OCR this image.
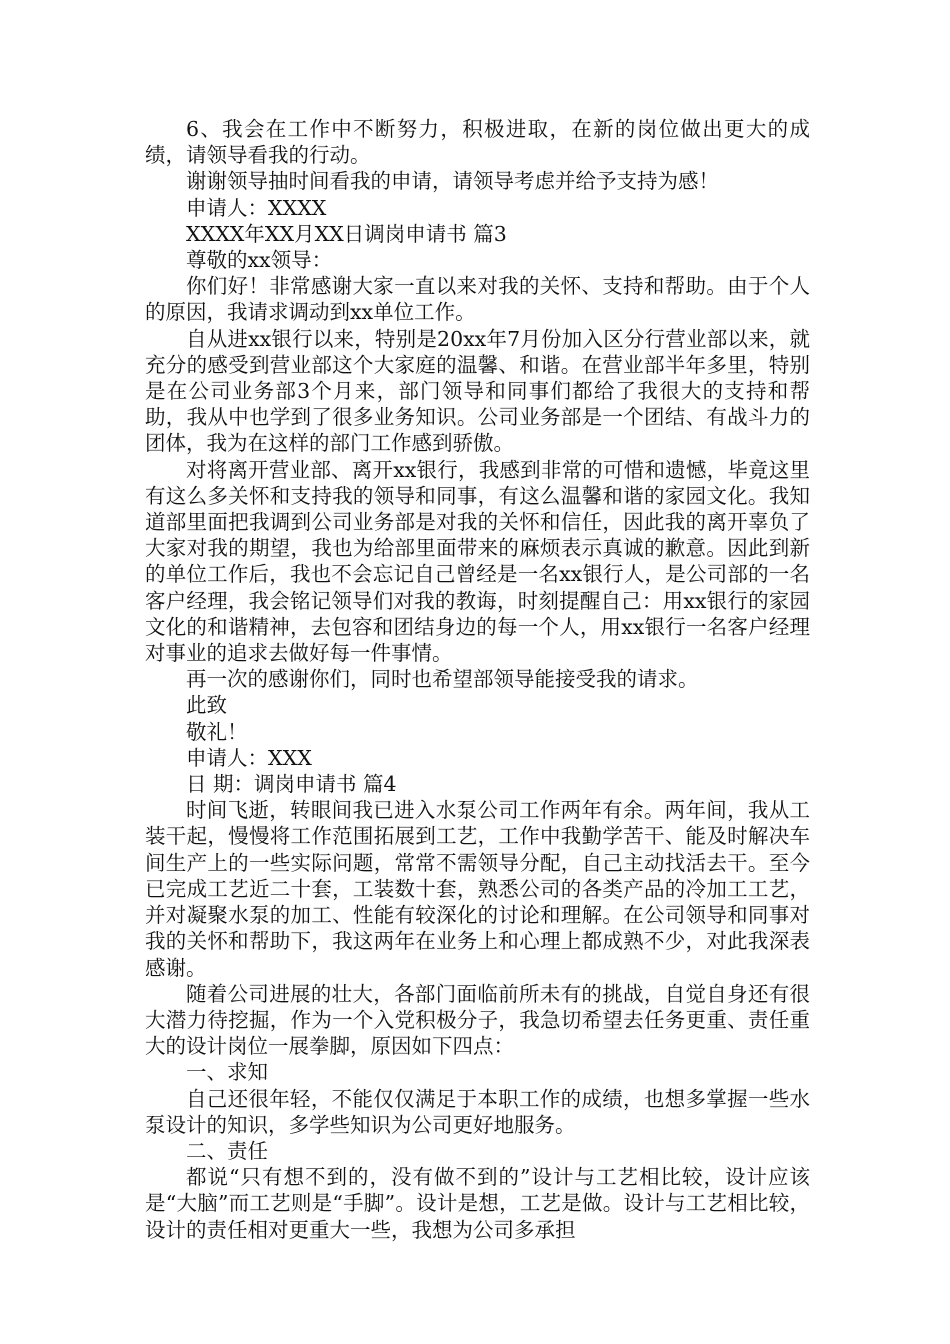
6、我会在工作中不断努力，积极进取，在新的岗位做出更大的成绩，请领导看我的行动。

谢谢领导抽时间看我的申请，请领导考虑并给予支持为感！

申请人：XXXX

XXXX年XX月XX日调岗申请书 篇3

尊敬的xx领导：

你们好！非常感谢大家一直以来对我的关怀、支持和帮助。由于个人的原因，我请求调动到xx单位工作。

自从进xx银行以来，特别是20xx年7月份加入区分行营业部以来，就充分的感受到营业部这个大家庭的温馨、和谐。在营业部半年多里，特别是在公司业务部3个月来，部门领导和同事们都给了我很大的支持和帮助，我从中也学到了很多业务知识。公司业务部是一个团结、有战斗力的团体，我为在这样的部门工作感到骄傲。

对将离开营业部、离开xx银行，我感到非常的可惜和遗憾，毕竟这里有这么多关怀和支持我的领导和同事，有这么温馨和谐的家园文化。我知道部里面把我调到公司业务部是对我的关怀和信任，因此我的离开辜负了大家对我的期望，我也为给部里面带来的麻烦表示真诚的歉意。因此到新的单位工作后，我也不会忘记自己曾经是一名xx银行人，是公司部的一名客户经理，我会铭记领导们对我的教诲，时刻提醒自己：用xx银行的家园文化的和谐精神，去包容和团结身边的每一个人，用xx银行一名客户经理对事业的追求去做好每一件事情。

再一次的感谢你们，同时也希望部领导能接受我的请求。

此致

敬礼！

申请人：XXX

日 期：调岗申请书 篇4

时间飞逝，转眼间我已进入水泵公司工作两年有余。两年间，我从工装干起，慢慢将工作范围拓展到工艺，工作中我勤学苦干、能及时解决车间生产上的一些实际问题，常常不需领导分配，自己主动找活去干。至今已完成工艺近二十套，工装数十套，熟悉公司的各类产品的冷加工工艺，并对凝聚水泵的加工、性能有较深化的讨论和理解。在公司领导和同事对我的关怀和帮助下，我这两年在业务上和心理上都成熟不少，对此我深表感谢。

随着公司进展的壮大，各部门面临前所未有的挑战，自觉自身还有很大潜力待挖掘，作为一个入党积极分子，我急切希望去任务更重、责任重大的设计岗位一展拳脚，原因如下四点：

一、求知

自己还很年轻，不能仅仅满足于本职工作的成绩，也想多掌握一些水泵设计的知识，多学些知识为公司更好地服务。

二、责任

都说“只有想不到的，没有做不到的”设计与工艺相比较，设计应该是“大脑”而工艺则是“手脚”。设计是想，工艺是做。设计与工艺相比较，设计的责任相对更重大一些，我想为公司多承担
